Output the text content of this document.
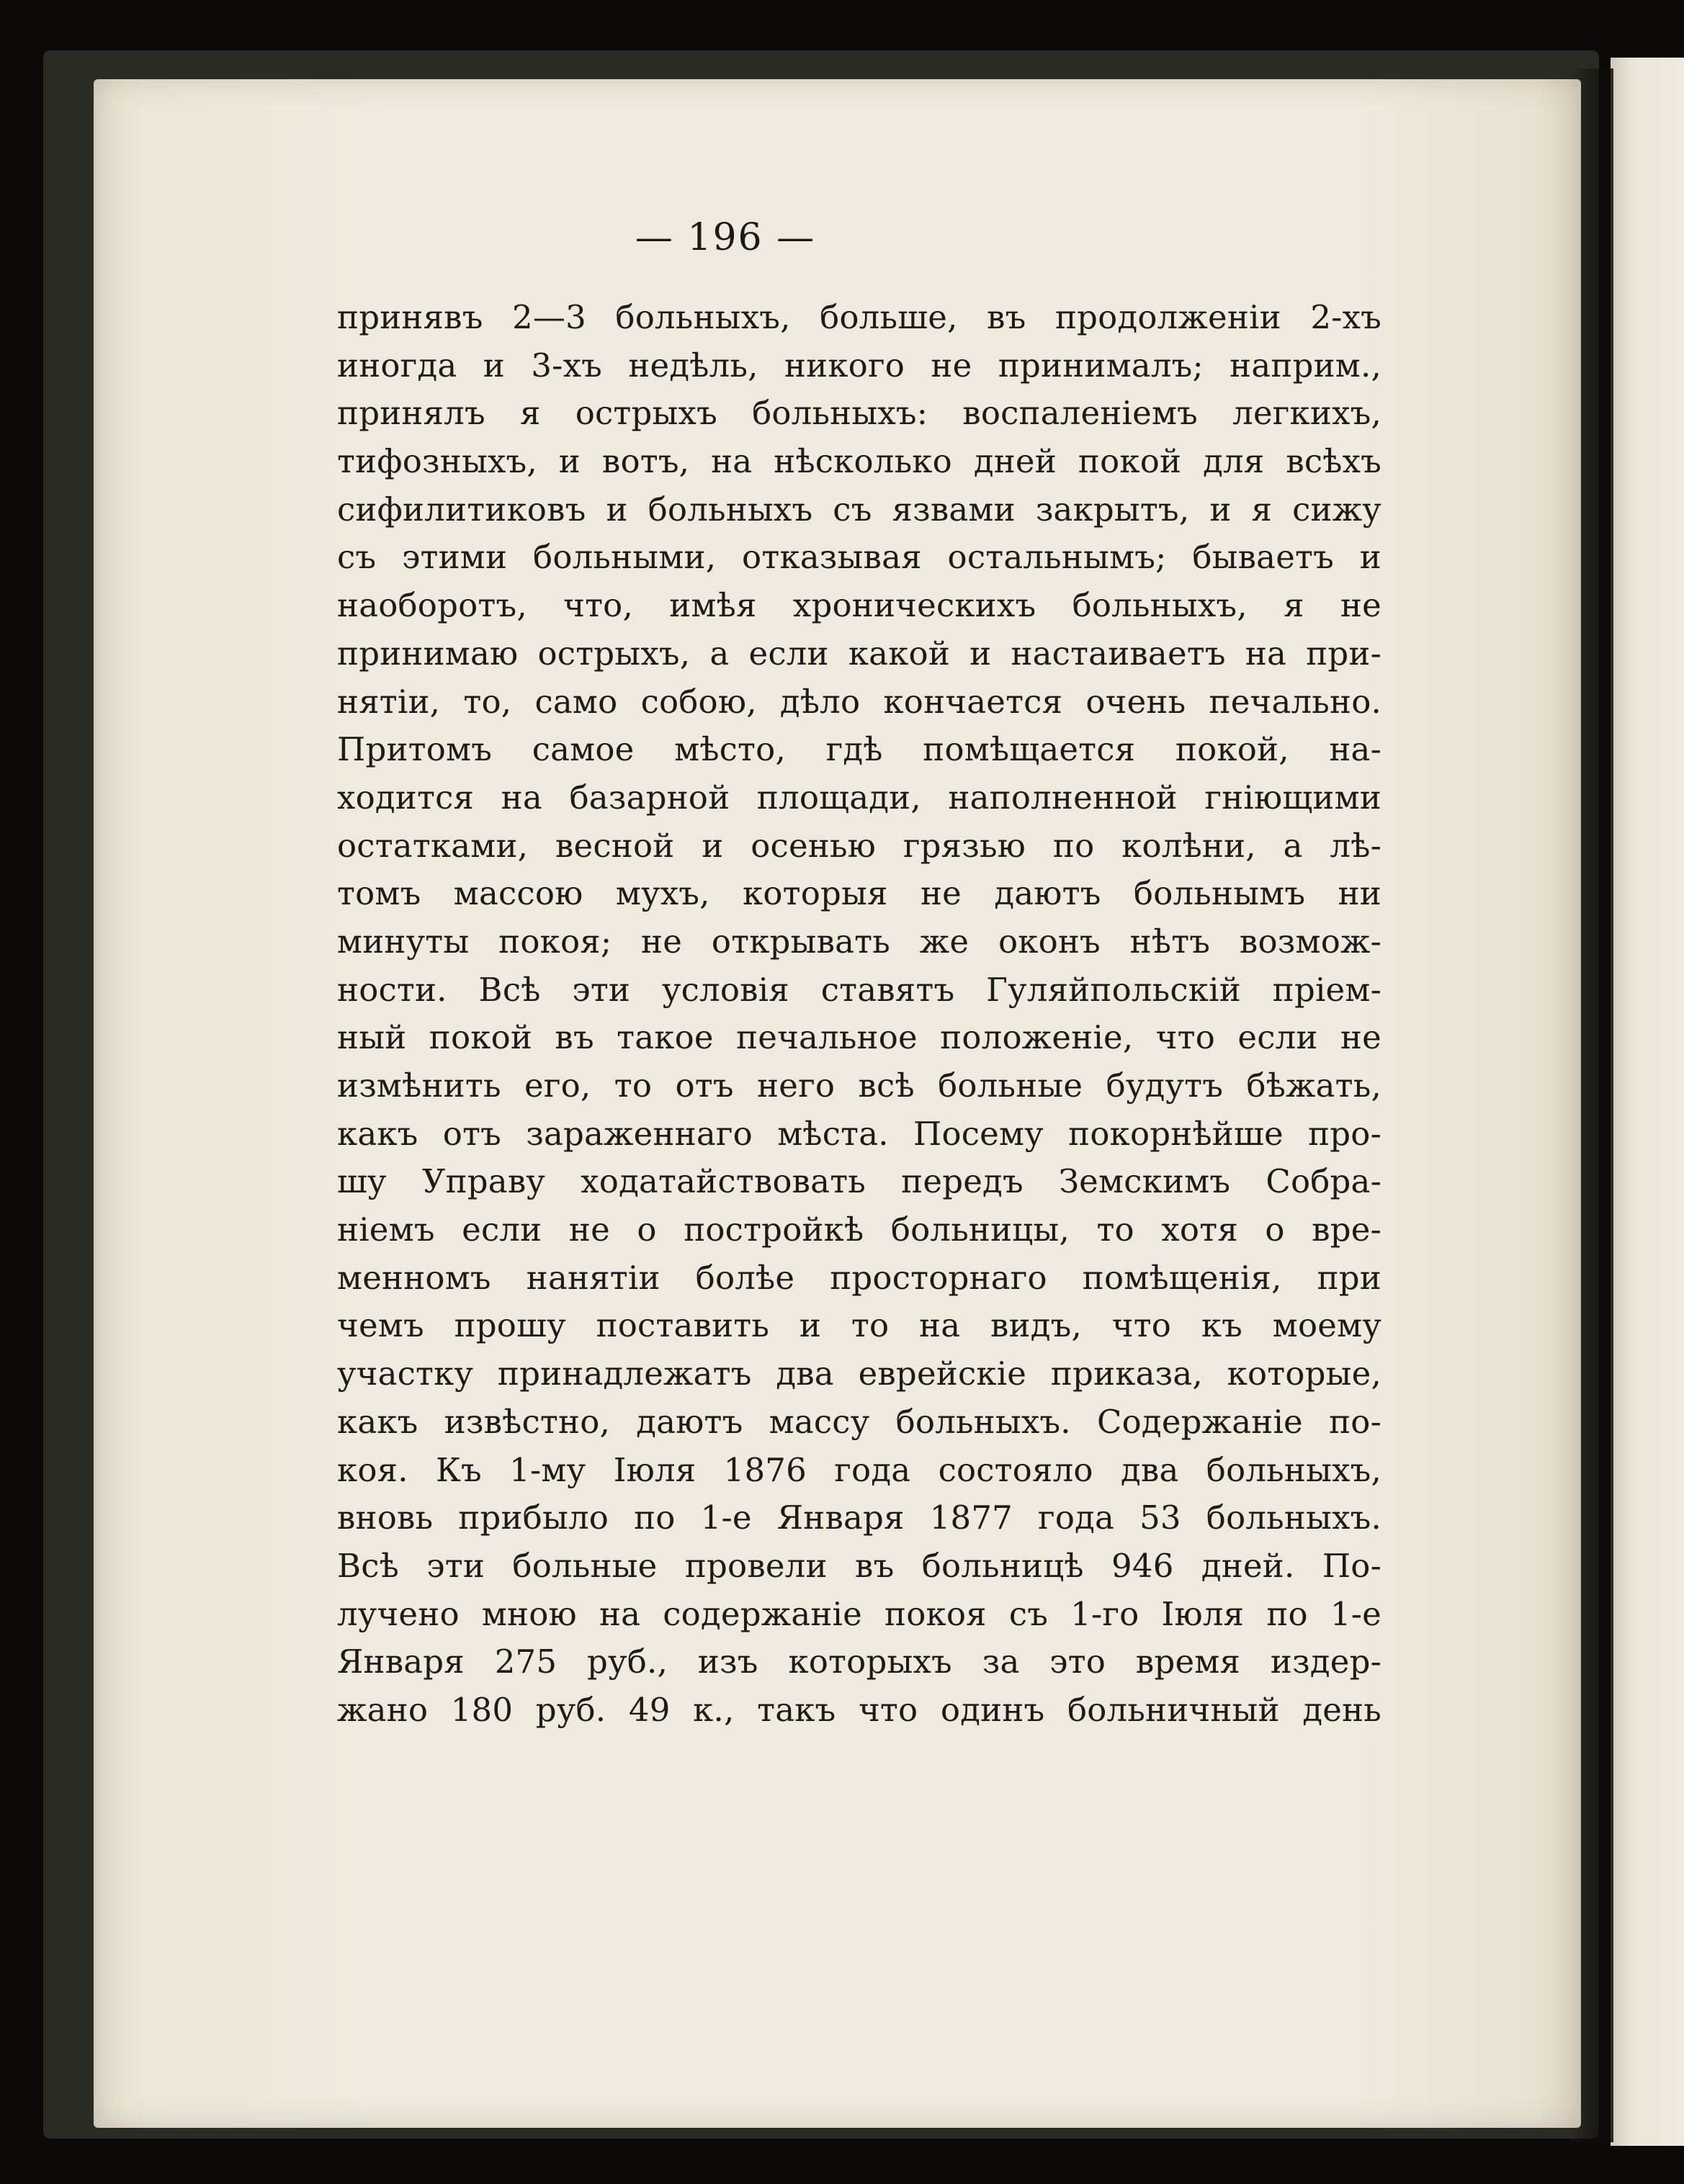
— 196 —
принявъ 2—3 больныхъ, больше, въ продолженіи 2-хъ
иногда и 3-хъ недѣль, никого не принималъ; наприм.,
принялъ я острыхъ больныхъ: воспаленіемъ легкихъ,
тифозныхъ, и вотъ, на нѣсколько дней покой для всѣхъ
сифилитиковъ и больныхъ съ язвами закрытъ, и я сижу
съ этими больными, отказывая остальнымъ; бываетъ и
наоборотъ, что, имѣя хроническихъ больныхъ, я не
принимаю острыхъ, а если какой и настаиваетъ на при-
нятіи, то, само собою, дѣло кончается очень печально.
Притомъ самое мѣсто, гдѣ помѣщается покой, на-
ходится на базарной площади, наполненной гніющими
остатками, весной и осенью грязью по колѣни, а лѣ-
томъ массою мухъ, которыя не даютъ больнымъ ни
минуты покоя; не открывать же оконъ нѣтъ возмож-
ности. Всѣ эти условія ставятъ Гуляйпольскій пріем-
ный покой въ такое печальное положеніе, что если не
измѣнить его, то отъ него всѣ больные будутъ бѣжать,
какъ отъ зараженнаго мѣста. Посему покорнѣйше про-
шу Управу ходатайствовать передъ Земскимъ Собра-
ніемъ если не о постройкѣ больницы, то хотя о вре-
менномъ нанятіи болѣе просторнаго помѣщенія, при
чемъ прошу поставить и то на видъ, что къ моему
участку принадлежатъ два еврейскіе приказа, которые,
какъ извѣстно, даютъ массу больныхъ. Содержаніе по-
коя. Къ 1-му Іюля 1876 года состояло два больныхъ,
вновь прибыло по 1-е Января 1877 года 53 больныхъ.
Всѣ эти больные провели въ больницѣ 946 дней. По-
лучено мною на содержаніе покоя съ 1-го Іюля по 1-е
Января 275 руб., изъ которыхъ за это время издер-
жано 180 руб. 49 к., такъ что одинъ больничный день
